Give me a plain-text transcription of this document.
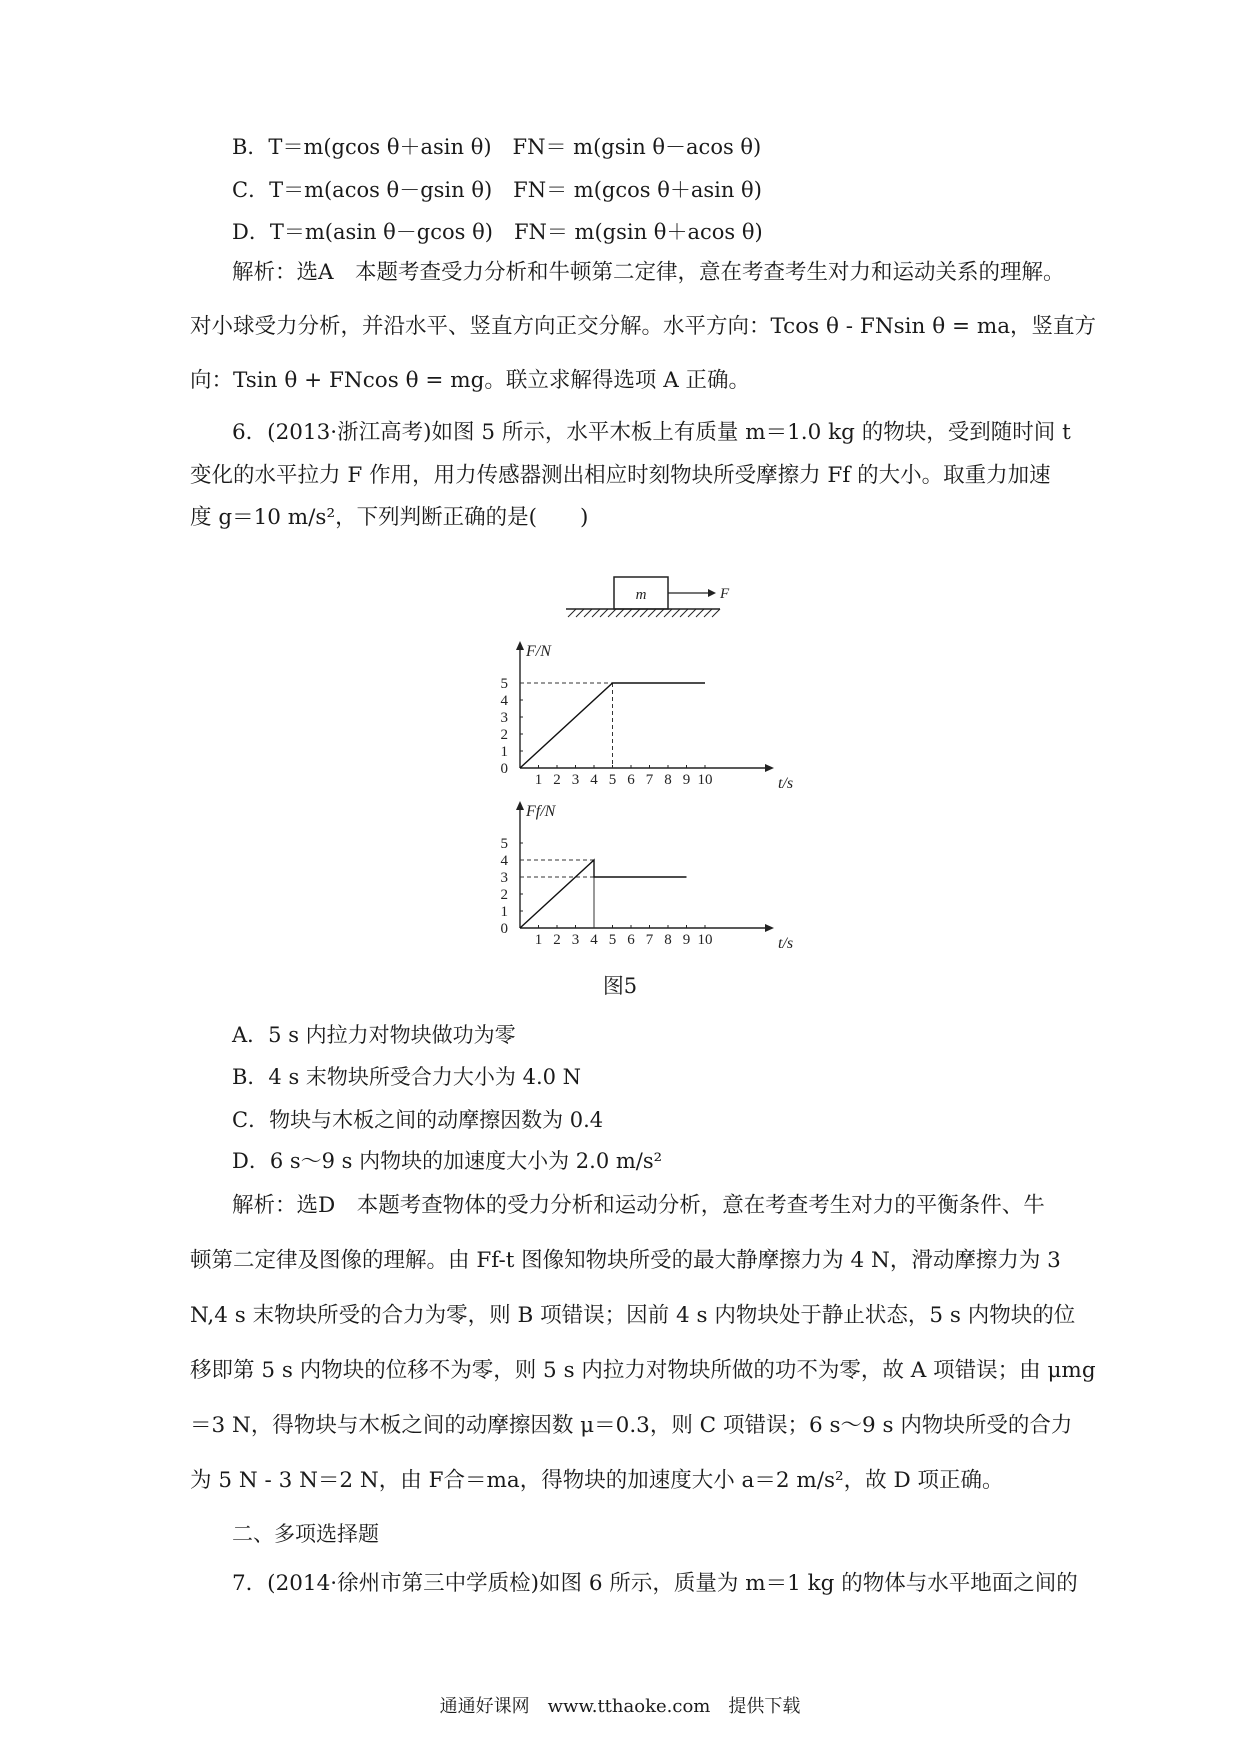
B．T＝m(gcos θ＋asin θ)　FN＝ m(gsin θ－acos θ)
C．T＝m(acos θ－gsin θ)　FN＝ m(gcos θ＋asin θ)
D．T＝m(asin θ－gcos θ)　FN＝ m(gsin θ＋acos θ)
解析：选A　本题考查受力分析和牛顿第二定律，意在考查考生对力和运动关系的理解。
对小球受力分析，并沿水平、竖直方向正交分解。水平方向：Tcos θ - FNsin θ = ma，竖直方
向：Tsin θ + FNcos θ = mg。联立求解得选项 A 正确。
6．(2013·浙江高考)如图 5 所示，水平木板上有质量 m＝1.0 kg 的物块，受到随时间 t
变化的水平拉力 F 作用，用力传感器测出相应时刻物块所受摩擦力 Ff 的大小。取重力加速
度 g＝10 m/s²，下列判断正确的是(　　)
m	F
F/N
t/s
1 2 3 4 5 6 7 8 9 10
0
1
2
3
4
5
Ff/N
t/s
1 2 3 4 5 6 7 8 9 10
0
1
2
3
4
5
图5
A．5 s 内拉力对物块做功为零
B．4 s 末物块所受合力大小为 4.0 N
C．物块与木板之间的动摩擦因数为 0.4
D．6 s～9 s 内物块的加速度大小为 2.0 m/s²
解析：选D　本题考查物体的受力分析和运动分析，意在考查考生对力的平衡条件、牛
顿第二定律及图像的理解。由 Ff-t 图像知物块所受的最大静摩擦力为 4 N，滑动摩擦力为 3
N,4 s 末物块所受的合力为零，则 B 项错误；因前 4 s 内物块处于静止状态，5 s 内物块的位
移即第 5 s 内物块的位移不为零，则 5 s 内拉力对物块所做的功不为零，故 A 项错误；由 μmg
＝3 N，得物块与木板之间的动摩擦因数 μ＝0.3，则 C 项错误；6 s～9 s 内物块所受的合力
为 5 N - 3 N＝2 N，由 F合＝ma，得物块的加速度大小 a＝2 m/s²，故 D 项正确。
二、多项选择题
7．(2014·徐州市第三中学质检)如图 6 所示，质量为 m＝1 kg 的物体与水平地面之间的
通通好课网　www.tthaoke.com　提供下载
